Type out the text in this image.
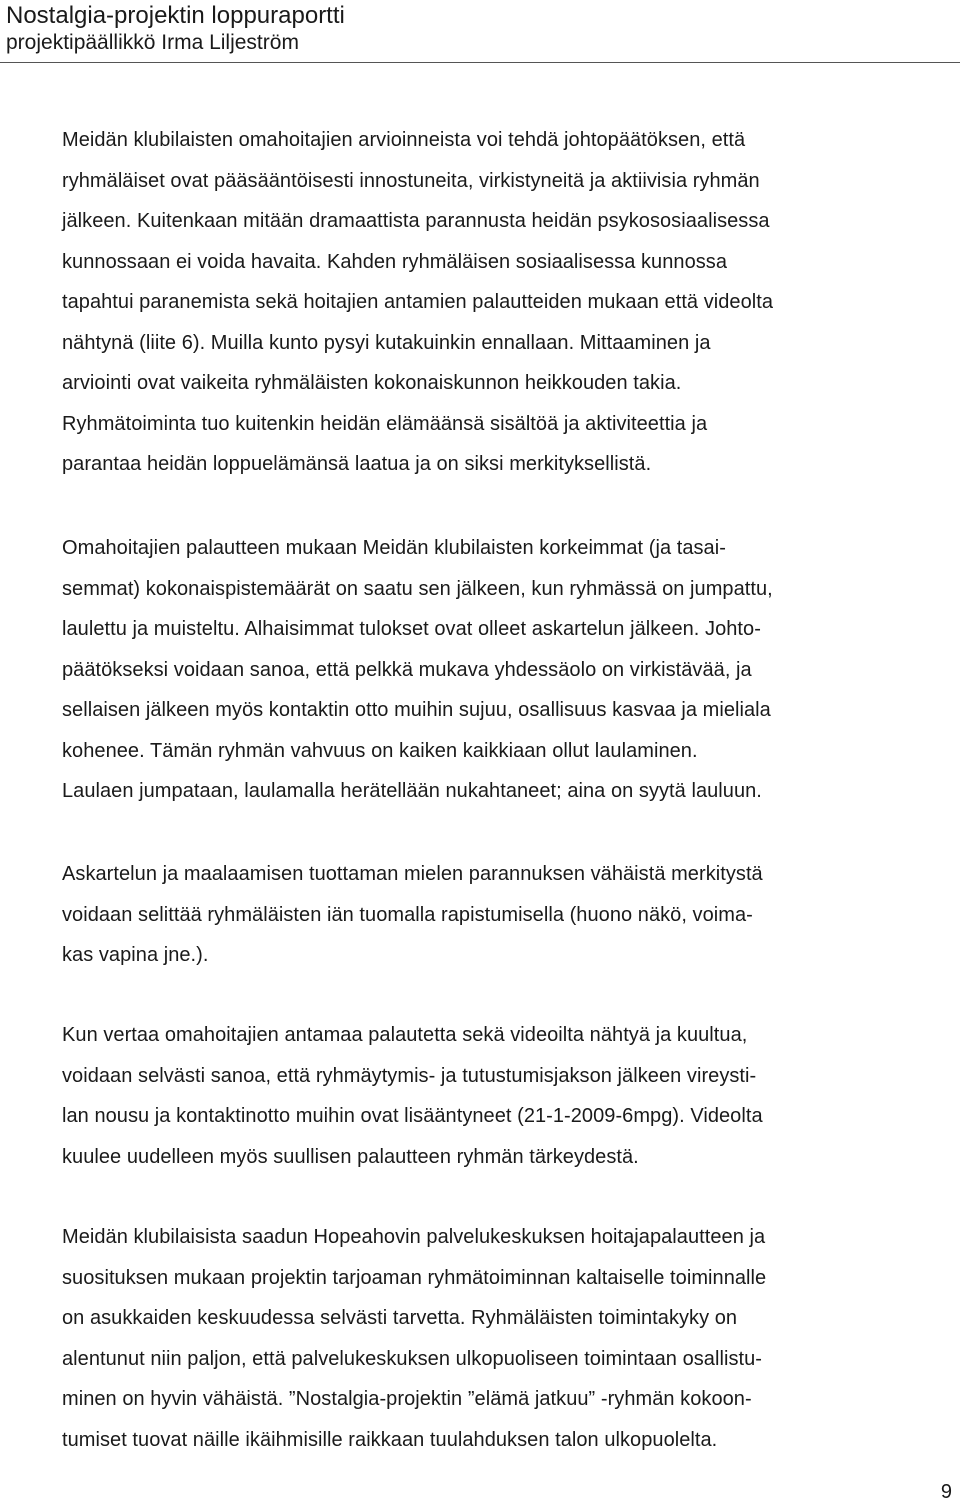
Nostalgia-projektin loppuraportti

projektipäällikkö Irma Liljeström

Meidän klubilaisten omahoitajien arvioinneista voi tehdä johtopäätöksen, että
ryhmäläiset ovat pääsääntöisesti innostuneita, virkistyneitä ja aktiivisia ryhmän
jälkeen. Kuitenkaan mitään dramaattista parannusta heidän psykososiaalisessa
kunnossaan ei voida havaita. Kahden ryhmäläisen sosiaalisessa kunnossa
tapahtui paranemista sekä hoitajien antamien palautteiden mukaan että videolta
nähtynä (liite 6). Muilla kunto pysyi kutakuinkin ennallaan. Mittaaminen ja
arviointi ovat vaikeita ryhmäläisten kokonaiskunnon heikkouden takia.
Ryhmätoiminta tuo kuitenkin heidän elämäänsä sisältöä ja aktiviteettia ja
parantaa heidän loppuelämänsä laatua ja on siksi merkityksellistä.

Omahoitajien palautteen mukaan Meidän klubilaisten korkeimmat (ja tasai-
semmat) kokonaispistemäärät on saatu sen jälkeen, kun ryhmässä on jumpattu,
laulettu ja muisteltu. Alhaisimmat tulokset ovat olleet askartelun jälkeen. Johto-
päätökseksi voidaan sanoa, että pelkkä mukava yhdessäolo on virkistävää, ja
sellaisen jälkeen myös kontaktin otto muihin sujuu, osallisuus kasvaa ja mieliala
kohenee. Tämän ryhmän vahvuus on kaiken kaikkiaan ollut laulaminen.
Laulaen jumpataan, laulamalla herätellään nukahtaneet; aina on syytä lauluun.

Askartelun ja maalaamisen tuottaman mielen parannuksen vähäistä merkitystä
voidaan selittää ryhmäläisten iän tuomalla rapistumisella (huono näkö, voima-
kas vapina jne.).

Kun vertaa omahoitajien antamaa palautetta sekä videoilta nähtyä ja kuultua,
voidaan selvästi sanoa, että ryhmäytymis- ja tutustumisjakson jälkeen vireysti-
lan nousu ja kontaktinotto muihin ovat lisääntyneet (21-1-2009-6mpg). Videolta
kuulee uudelleen myös suullisen palautteen ryhmän tärkeydestä.

Meidän klubilaisista saadun Hopeahovin palvelukeskuksen hoitajapalautteen ja
suosituksen mukaan projektin tarjoaman ryhmätoiminnan kaltaiselle toiminnalle
on asukkaiden keskuudessa selvästi tarvetta. Ryhmäläisten toimintakyky on
alentunut niin paljon, että palvelukeskuksen ulkopuoliseen toimintaan osallistu-
minen on hyvin vähäistä. ”Nostalgia-projektin ”elämä jatkuu” -ryhmän kokoon-
tumiset tuovat näille ikäihmisille raikkaan tuulahduksen talon ulkopuolelta.

9
